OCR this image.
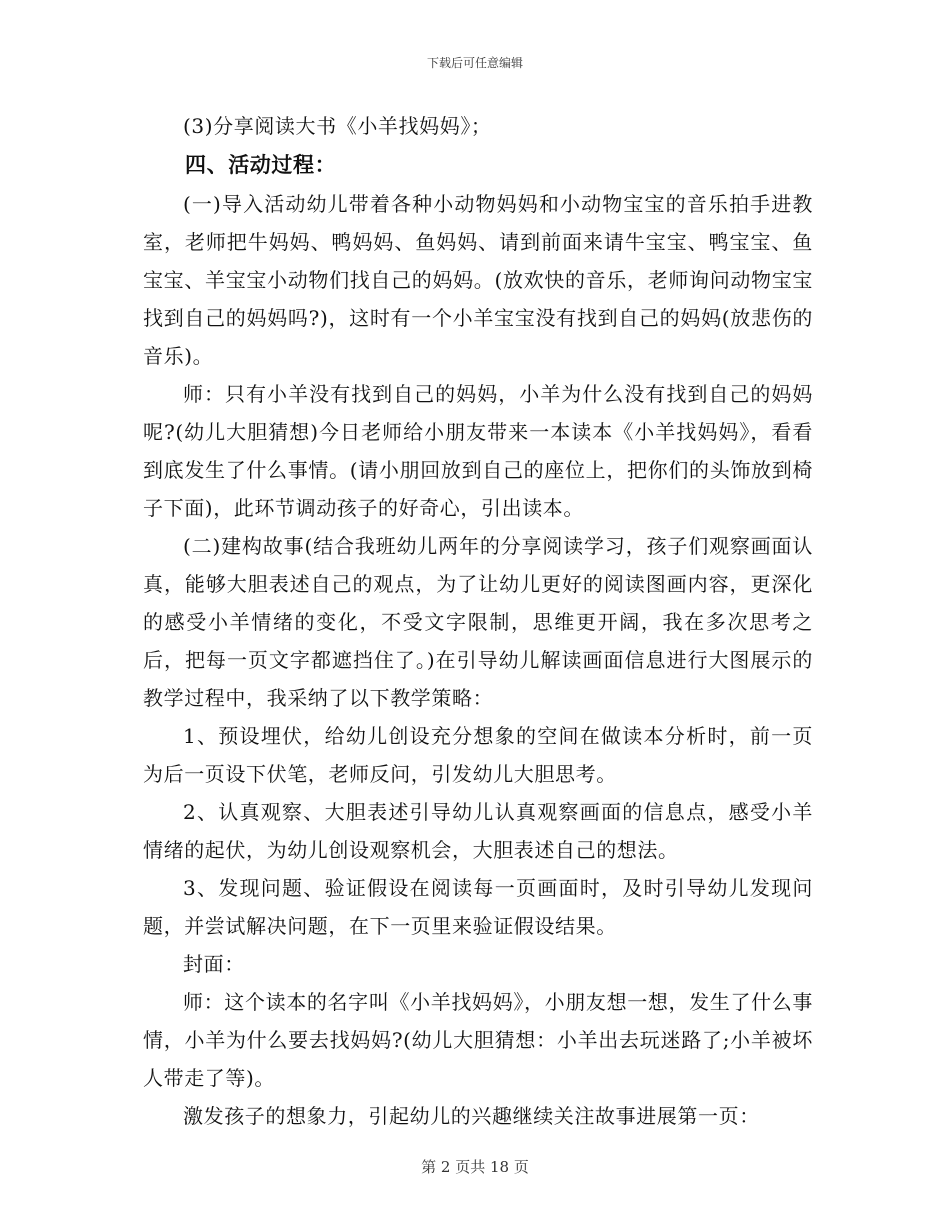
下载后可任意编辑

(3)分享阅读大书《小羊找妈妈》；

四、活动过程：

(一)导入活动幼儿带着各种小动物妈妈和小动物宝宝的音乐拍手进教室，老师把牛妈妈、鸭妈妈、鱼妈妈、请到前面来请牛宝宝、鸭宝宝、鱼宝宝、羊宝宝小动物们找自己的妈妈。(放欢快的音乐，老师询问动物宝宝找到自己的妈妈吗?)，这时有一个小羊宝宝没有找到自己的妈妈(放悲伤的音乐)。

师：只有小羊没有找到自己的妈妈，小羊为什么没有找到自己的妈妈呢?(幼儿大胆猜想)今日老师给小朋友带来一本读本《小羊找妈妈》，看看到底发生了什么事情。(请小朋回放到自己的座位上，把你们的头饰放到椅子下面)，此环节调动孩子的好奇心，引出读本。

(二)建构故事(结合我班幼儿两年的分享阅读学习，孩子们观察画面认真，能够大胆表述自己的观点，为了让幼儿更好的阅读图画内容，更深化的感受小羊情绪的变化，不受文字限制，思维更开阔，我在多次思考之后，把每一页文字都遮挡住了。)在引导幼儿解读画面信息进行大图展示的教学过程中，我采纳了以下教学策略：

1、预设埋伏，给幼儿创设充分想象的空间在做读本分析时，前一页为后一页设下伏笔，老师反问，引发幼儿大胆思考。

2、认真观察、大胆表述引导幼儿认真观察画面的信息点，感受小羊情绪的起伏，为幼儿创设观察机会，大胆表述自己的想法。

3、发现问题、验证假设在阅读每一页画面时，及时引导幼儿发现问题，并尝试解决问题，在下一页里来验证假设结果。

封面：

师：这个读本的名字叫《小羊找妈妈》，小朋友想一想，发生了什么事情，小羊为什么要去找妈妈?(幼儿大胆猜想：小羊出去玩迷路了;小羊被坏人带走了等)。

激发孩子的想象力，引起幼儿的兴趣继续关注故事进展第一页：

第 2 页共 18 页
